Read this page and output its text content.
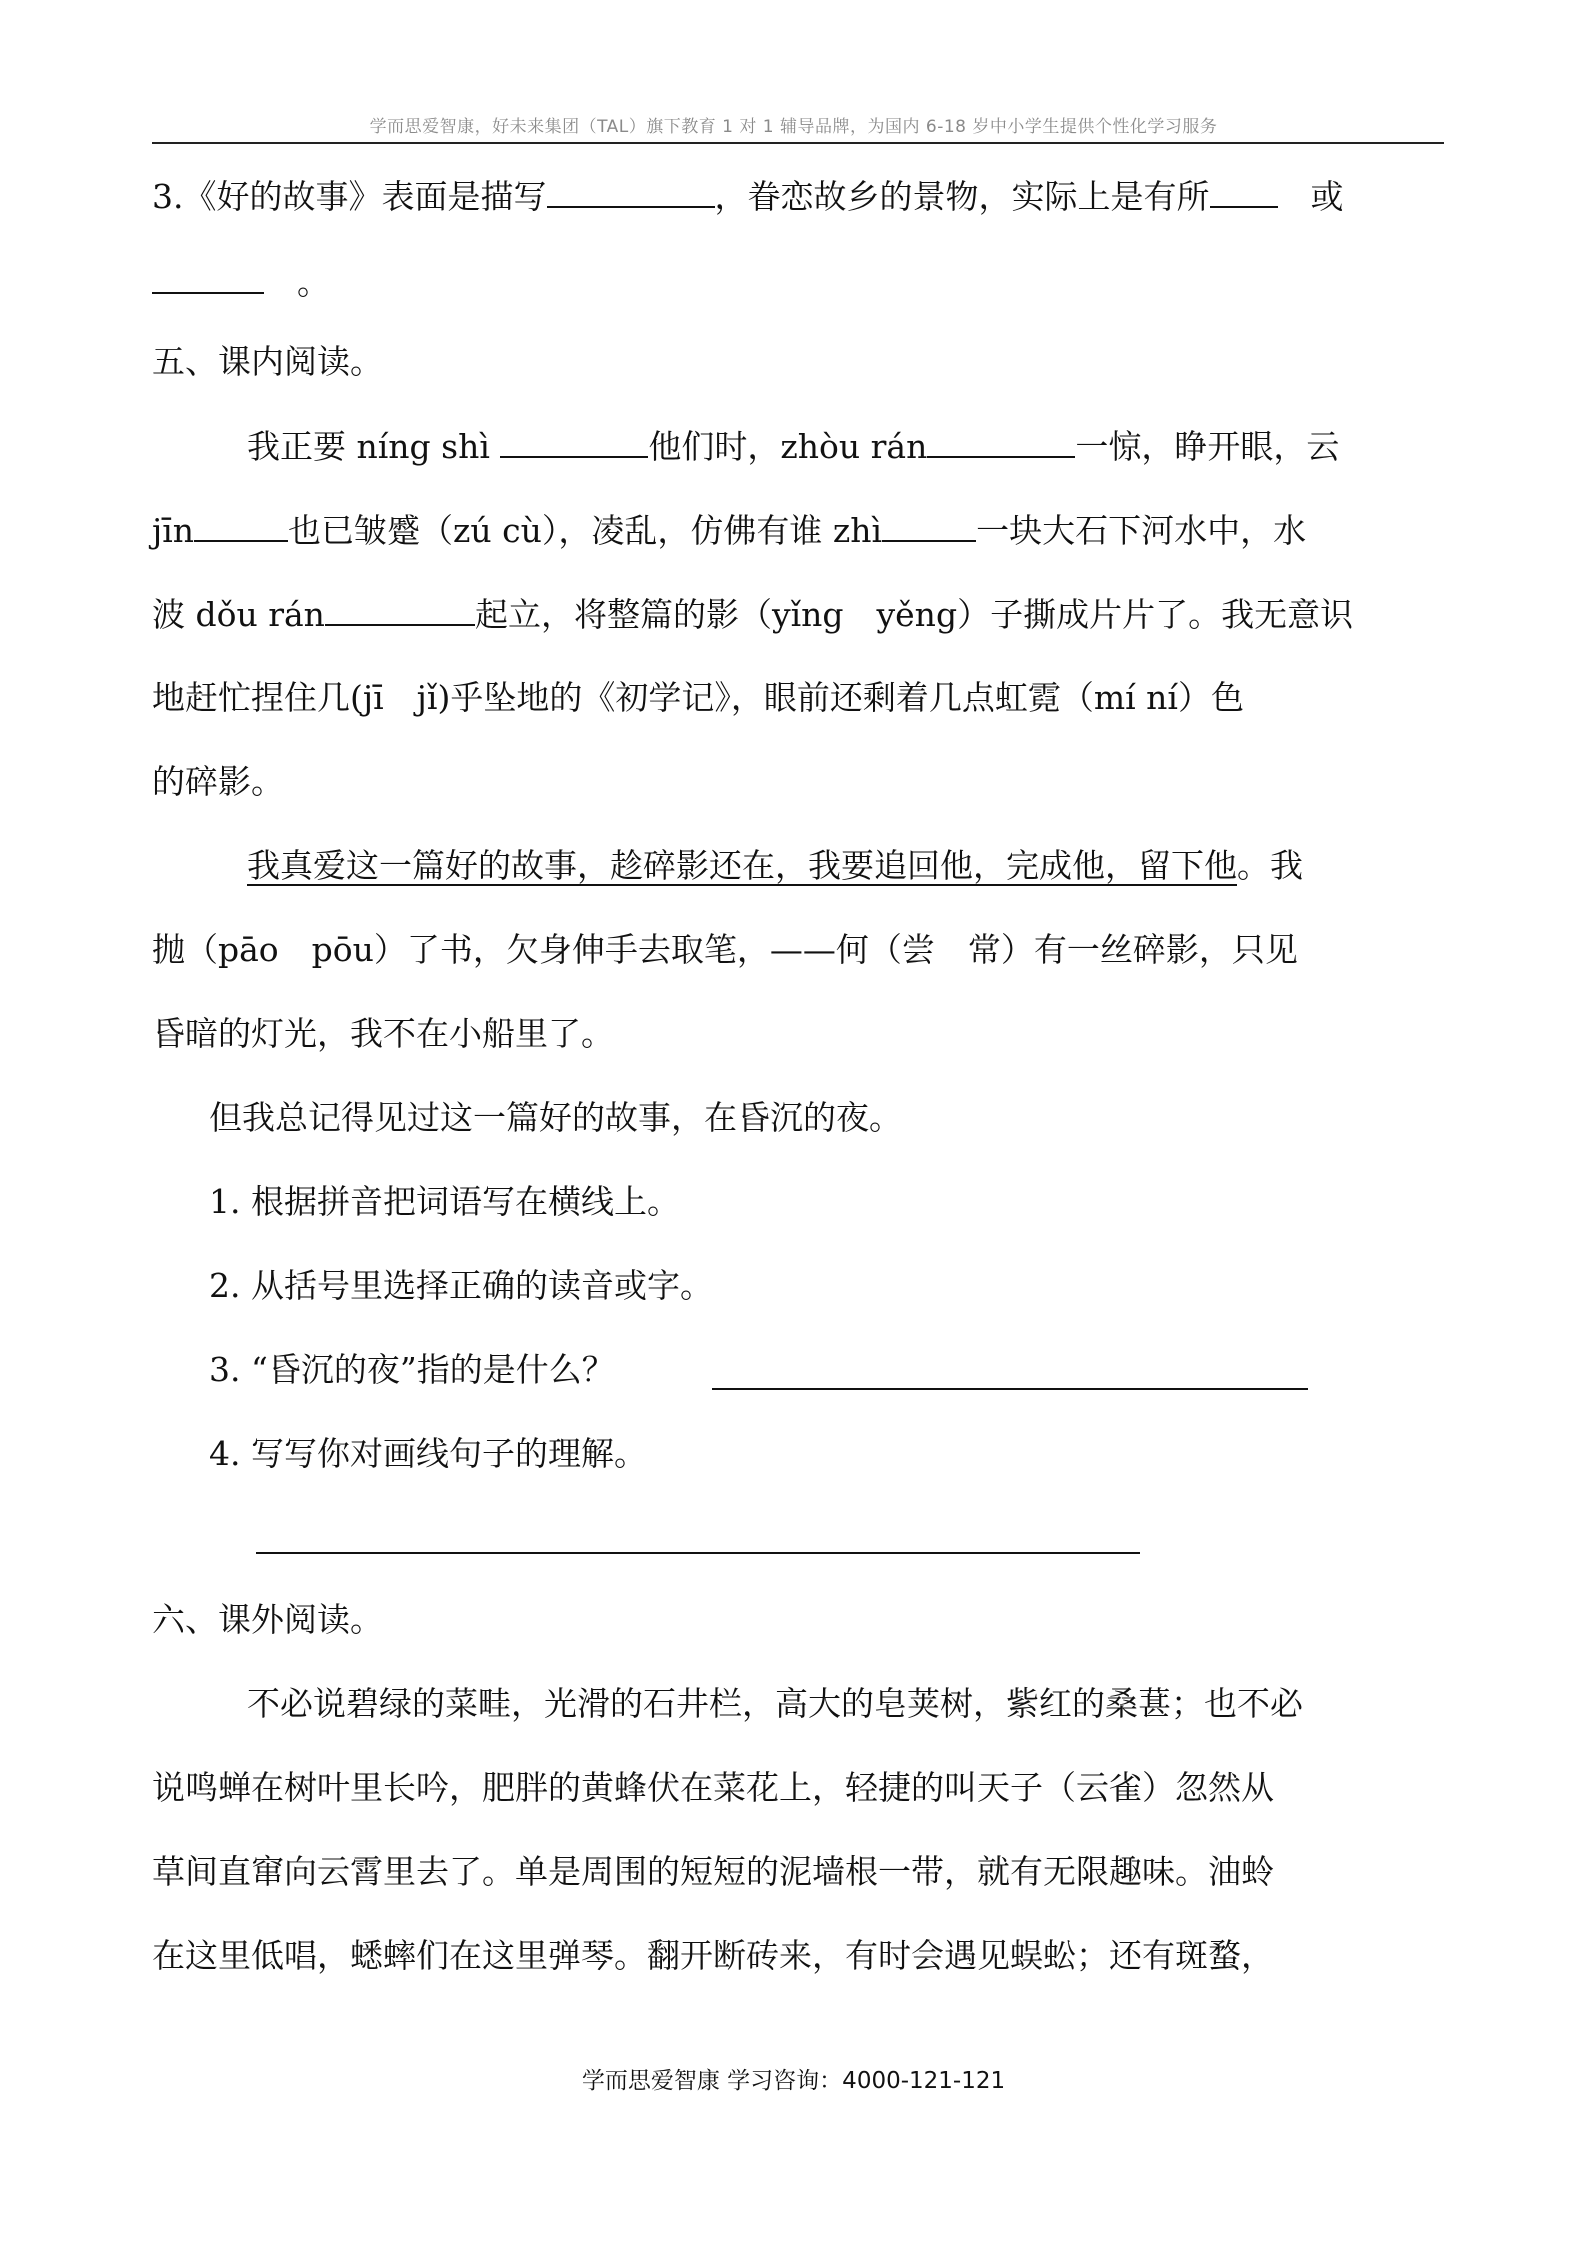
学而思爱智康，好未来集团（TAL）旗下教育 1 对 1 辅导品牌，为国内 6-18 岁中小学生提供个性化学习服务
3.《好的故事》表面是描写	，眷恋故乡的景物，实际上是有所　	或
　。
五、课内阅读。
我正要 níng shì	他们时，zhòu rán	一惊，睁开眼，云
jīn	也已皱蹙（zú cù），凌乱，仿佛有谁 zhì	一块大石下河水中，水
波 dǒu rán	起立，将整篇的影（yǐng　yěng）子撕成片片了。我无意识
地赶忙捏住几(jī　jǐ)乎坠地的《初学记》，眼前还剩着几点虹霓（mí ní）色
的碎影。
我真爱这一篇好的故事，趁碎影还在，我要追回他，完成他，留下他。我
抛（pāo　pōu）了书，欠身伸手去取笔，——何（尝　常）有一丝碎影，只见
昏暗的灯光，我不在小船里了。
但我总记得见过这一篇好的故事，在昏沉的夜。
1. 根据拼音把词语写在横线上。
2. 从括号里选择正确的读音或字。
3. “昏沉的夜”指的是什么？
4. 写写你对画线句子的理解。
六、课外阅读。
不必说碧绿的菜畦，光滑的石井栏，高大的皂荚树，紫红的桑葚；也不必
说鸣蝉在树叶里长吟，肥胖的黄蜂伏在菜花上，轻捷的叫天子（云雀）忽然从
草间直窜向云霄里去了。单是周围的短短的泥墙根一带，就有无限趣味。油蛉
在这里低唱，蟋蟀们在这里弹琴。翻开断砖来，有时会遇见蜈蚣；还有斑蝥，
学而思爱智康 学习咨询：4000-121-121
